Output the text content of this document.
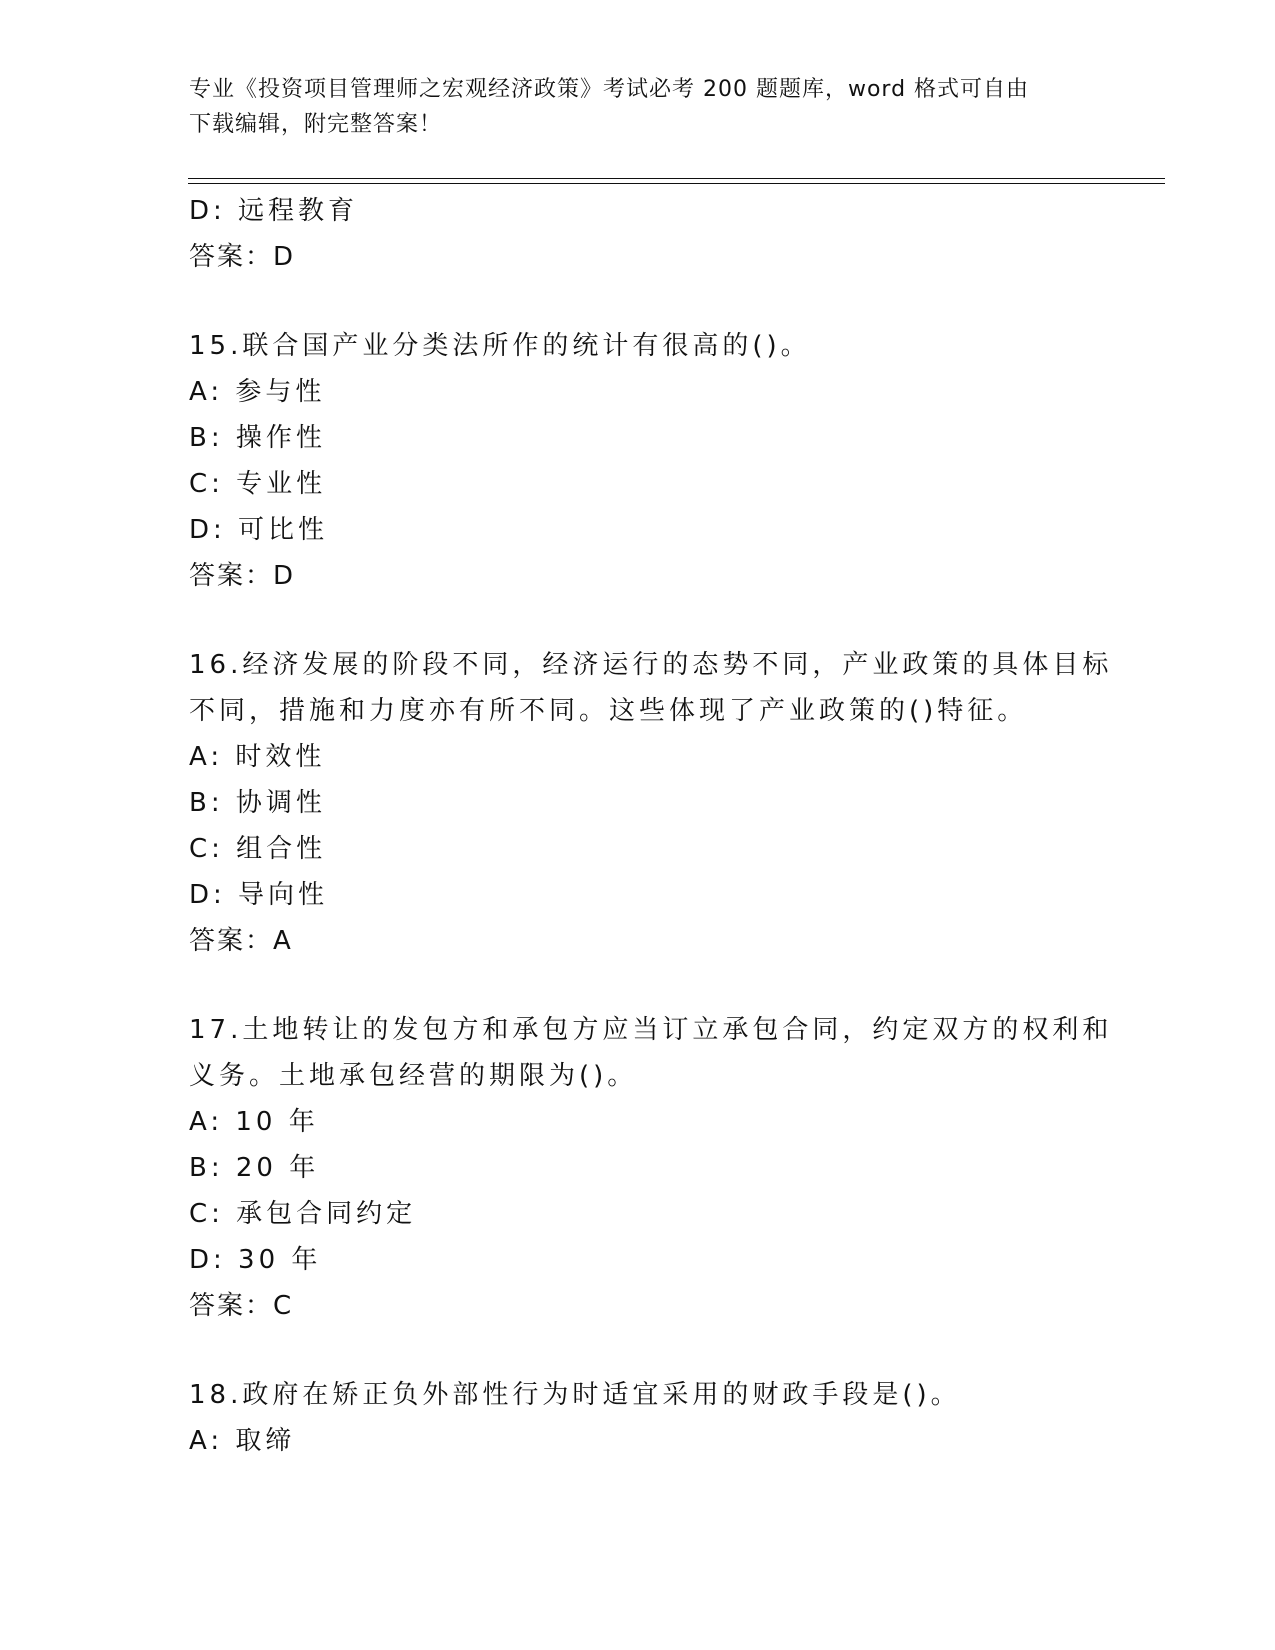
专业《投资项目管理师之宏观经济政策》考试必考 200 题题库，word 格式可自由
下载编辑，附完整答案！
D: 远程教育
答案：D
15.联合国产业分类法所作的统计有很高的()。
A: 参与性
B: 操作性
C: 专业性
D: 可比性
答案：D
16.经济发展的阶段不同，经济运行的态势不同，产业政策的具体目标
不同，措施和力度亦有所不同。这些体现了产业政策的()特征。
A: 时效性
B: 协调性
C: 组合性
D: 导向性
答案：A
17.土地转让的发包方和承包方应当订立承包合同，约定双方的权利和
义务。土地承包经营的期限为()。
A: 10 年
B: 20 年
C: 承包合同约定
D: 30 年
答案：C
18.政府在矫正负外部性行为时适宜采用的财政手段是()。
A: 取缔
